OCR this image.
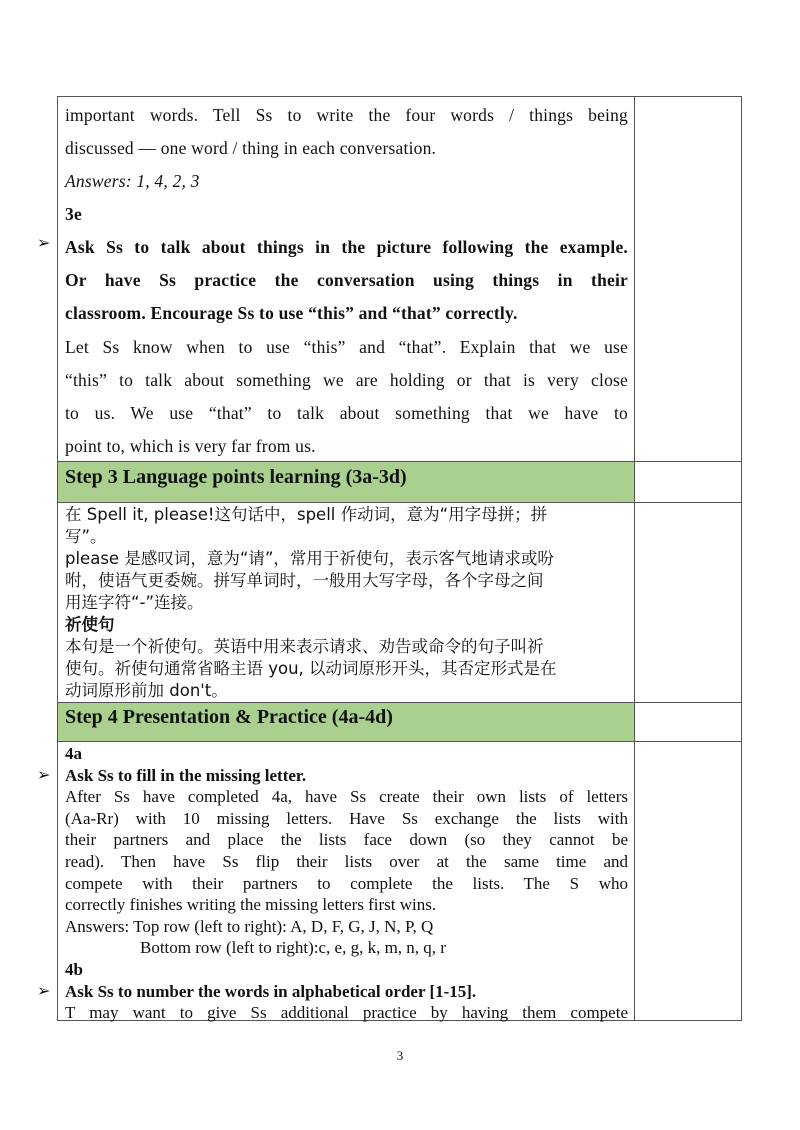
important words. Tell Ss to write the four words / things being
discussed — one word / thing in each conversation.
Answers: 1, 4, 2, 3
3e
Ask Ss to talk about things in the picture following the example.
Or have Ss practice the conversation using things in their
classroom. Encourage Ss to use “this” and “that” correctly.
Let Ss know when to use “this” and “that”. Explain that we use
“this” to talk about something we are holding or that is very close
to us. We use “that” to talk about something that we have to
point to, which is very far from us.
➢
Step 3 Language points learning (3a-3d)
在 Spell it, please!这句话中，spell 作动词，意为“用字母拼；拼
写”。
please 是感叹词，意为“请”，常用于祈使句，表示客气地请求或吩
咐，使语气更委婉。拼写单词时，一般用大写字母，各个字母之间
用连字符“-”连接。
祈使句
本句是一个祈使句。英语中用来表示请求、劝告或命令的句子叫祈
使句。祈使句通常省略主语 you, 以动词原形开头，其否定形式是在
动词原形前加 don't。
Step 4 Presentation & Practice (4a-4d)
4a
Ask Ss to fill in the missing letter.
After Ss have completed 4a, have Ss create their own lists of letters
(Aa-Rr) with 10 missing letters. Have Ss exchange the lists with
their partners and place the lists face down (so they cannot be
read). Then have Ss flip their lists over at the same time and
compete with their partners to complete the lists. The S who
correctly finishes writing the missing letters first wins.
Answers: Top row (left to right): A, D, F, G, J, N, P, Q
Bottom row (left to right):c, e, g, k, m, n, q, r
4b
Ask Ss to number the words in alphabetical order [1-15].
T may want to give Ss additional practice by having them compete
➢
➢
3
